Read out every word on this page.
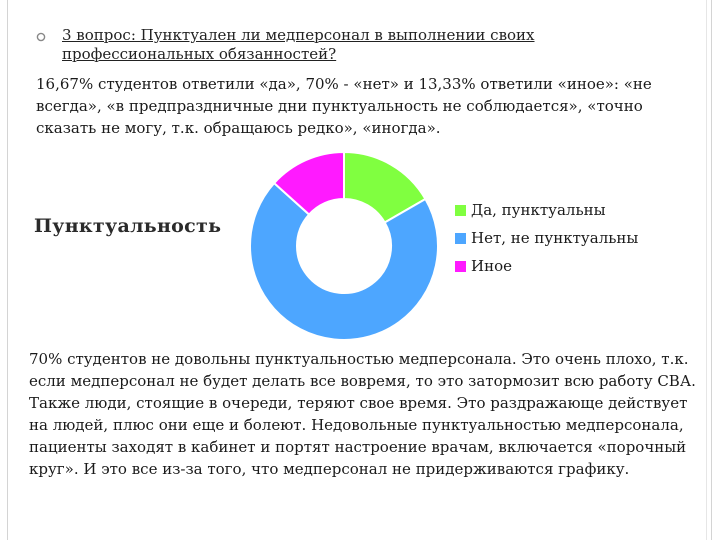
3 вопрос: Пунктуален ли медперсонал в выполнении своих профессиональных обязанностей?

16,67% студентов ответили «да», 70% - «нет» и 13,33% ответили «иное»: «не всегда», «в предпраздничные дни пунктуальность не соблюдается», «точно сказать не могу, т.к. обращаюсь редко», «иногда».

Пунктуальность
Да, пунктуальны
Нет, не пунктуальны
Иное

70% студентов не довольны пунктуальностью медперсонала. Это очень плохо, т.к. если медперсонал не будет делать все вовремя, то это затормозит всю работу СВА. Также люди, стоящие в очереди, теряют свое время. Это раздражающе действует на людей, плюс они еще и болеют. Недовольные пунктуальностью медперсонала, пациенты заходят в кабинет и портят настроение врачам, включается «порочный круг». И это все из-за того, что медперсонал не придерживаются графику.
